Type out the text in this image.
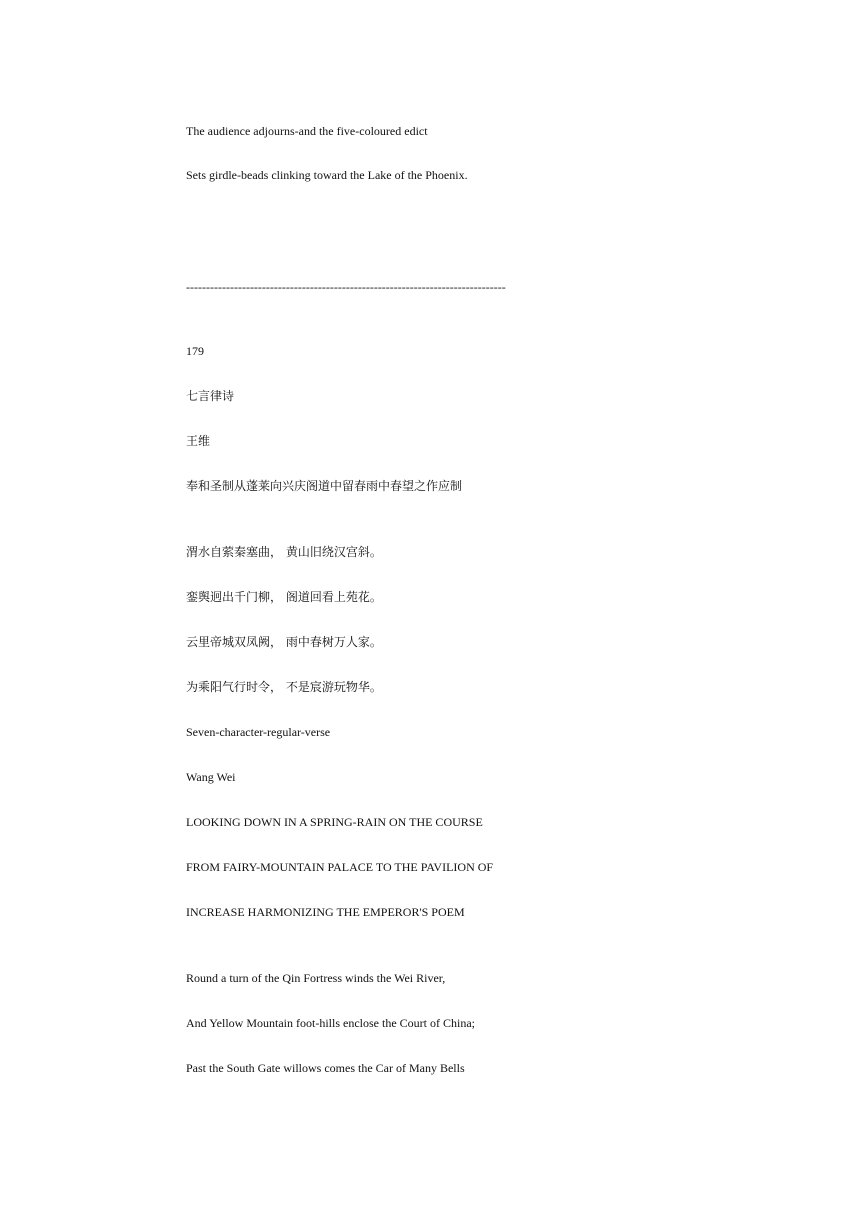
The audience adjourns-and the five-coloured edict
Sets girdle-beads clinking toward the Lake of the Phoenix.
--------------------------------------------------------------------------------
179
七言律诗
王维
奉和圣制从蓬莱向兴庆阁道中留春雨中春望之作应制
渭水自萦秦塞曲， 黄山旧绕汉宫斜。
銮舆迥出千门柳， 阁道回看上苑花。
云里帝城双凤阙， 雨中春树万人家。
为乘阳气行时令， 不是宸游玩物华。
Seven-character-regular-verse
Wang Wei
LOOKING DOWN IN A SPRING-RAIN ON THE COURSE
FROM FAIRY-MOUNTAIN PALACE TO THE PAVILION OF
INCREASE HARMONIZING THE EMPEROR'S POEM
Round a turn of the Qin Fortress winds the Wei River,
And Yellow Mountain foot-hills enclose the Court of China;
Past the South Gate willows comes the Car of Many Bells
